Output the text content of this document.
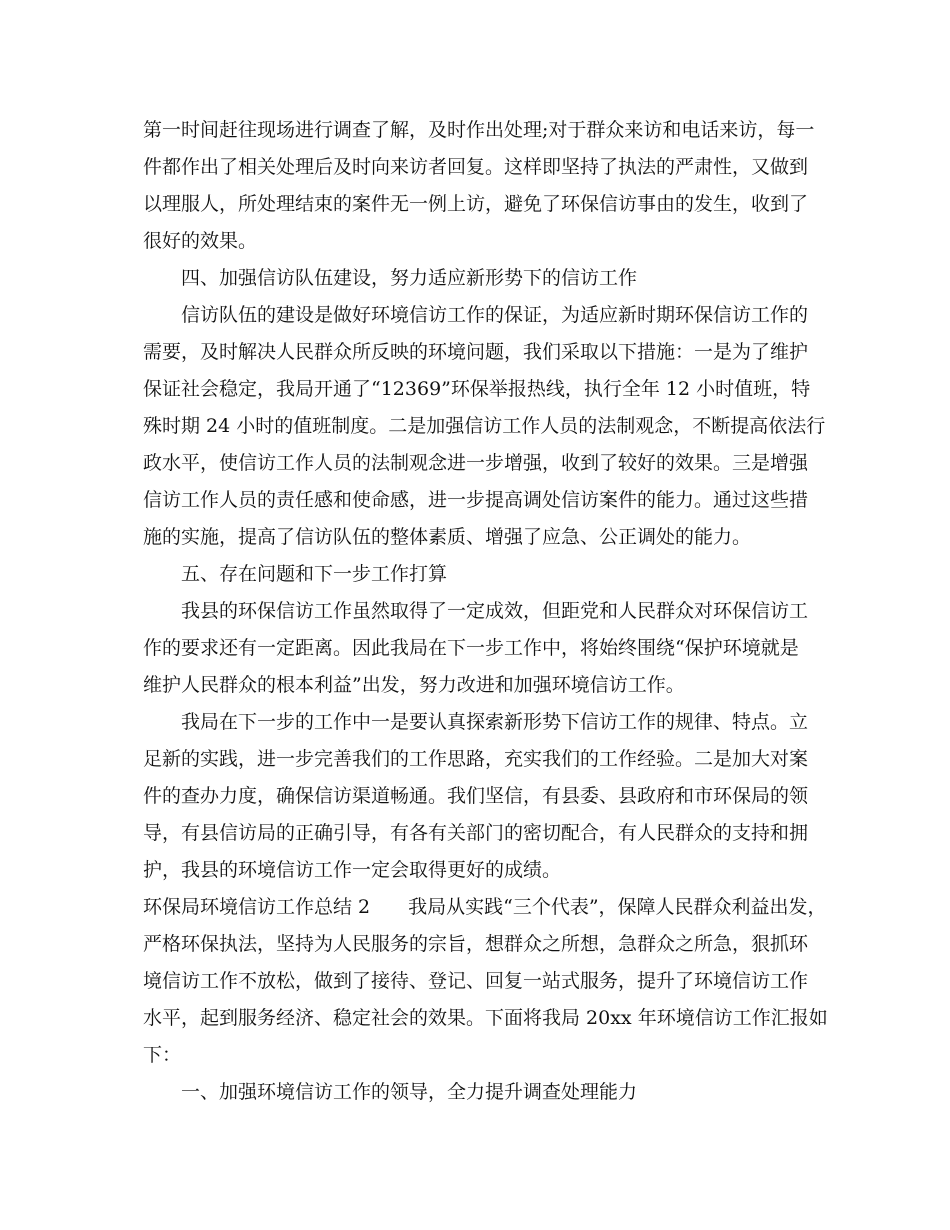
第一时间赶往现场进行调查了解，及时作出处理;对于群众来访和电话来访，每一
件都作出了相关处理后及时向来访者回复。这样即坚持了执法的严肃性，又做到
以理服人，所处理结束的案件无一例上访，避免了环保信访事由的发生，收到了
很好的效果。
四、加强信访队伍建设，努力适应新形势下的信访工作
信访队伍的建设是做好环境信访工作的保证，为适应新时期环保信访工作的
需要，及时解决人民群众所反映的环境问题，我们采取以下措施：一是为了维护
保证社会稳定，我局开通了“12369”环保举报热线，执行全年 12 小时值班，特
殊时期 24 小时的值班制度。二是加强信访工作人员的法制观念，不断提高依法行
政水平，使信访工作人员的法制观念进一步增强，收到了较好的效果。三是增强
信访工作人员的责任感和使命感，进一步提高调处信访案件的能力。通过这些措
施的实施，提高了信访队伍的整体素质、增强了应急、公正调处的能力。
五、存在问题和下一步工作打算
我县的环保信访工作虽然取得了一定成效，但距党和人民群众对环保信访工
作的要求还有一定距离。因此我局在下一步工作中，将始终围绕“保护环境就是
维护人民群众的根本利益”出发，努力改进和加强环境信访工作。
我局在下一步的工作中一是要认真探索新形势下信访工作的规律、特点。立
足新的实践，进一步完善我们的工作思路，充实我们的工作经验。二是加大对案
件的查办力度，确保信访渠道畅通。我们坚信，有县委、县政府和市环保局的领
导，有县信访局的正确引导，有各有关部门的密切配合，有人民群众的支持和拥
护，我县的环境信访工作一定会取得更好的成绩。
环保局环境信访工作总结 2　　我局从实践“三个代表”，保障人民群众利益出发，
严格环保执法，坚持为人民服务的宗旨，想群众之所想，急群众之所急，狠抓环
境信访工作不放松，做到了接待、登记、回复一站式服务，提升了环境信访工作
水平，起到服务经济、稳定社会的效果。下面将我局 20xx 年环境信访工作汇报如
下：
一、加强环境信访工作的领导，全力提升调查处理能力
